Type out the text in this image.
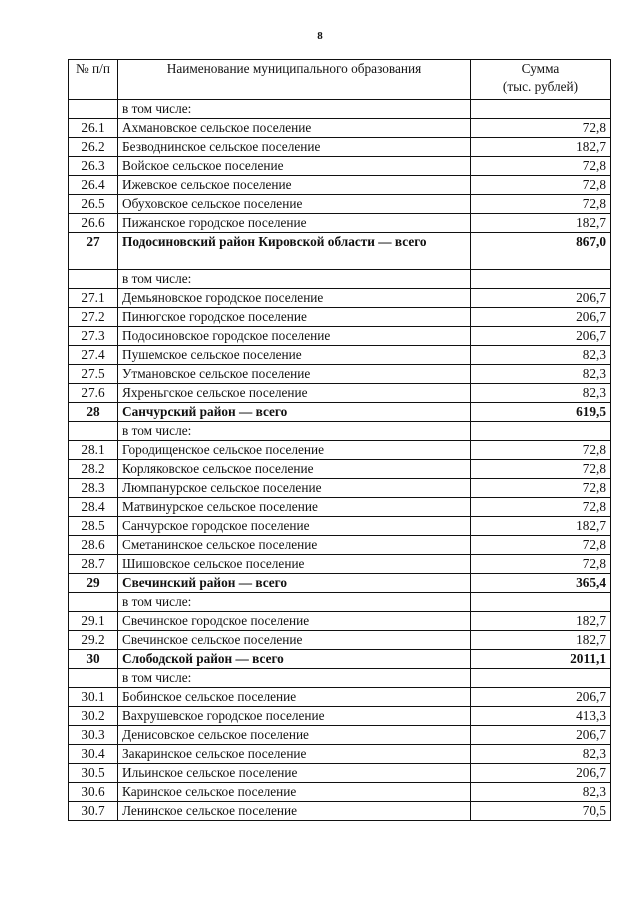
8
№ п/п	Наименование муниципального образования	Сумма
(тыс. рублей)

	в том числе:	
26.1	Ахмановское сельское поселение	72,8
26.2	Безводнинское сельское поселение	182,7
26.3	Войское сельское поселение	72,8
26.4	Ижевское сельское поселение	72,8
26.5	Обуховское сельское поселение	72,8
26.6	Пижанское городское поселение	182,7
27	Подосиновский район Кировской области — всего	867,0
	в том числе:	
27.1	Демьяновское городское поселение	206,7
27.2	Пинюгское городское поселение	206,7
27.3	Подосиновское городское поселение	206,7
27.4	Пушемское сельское поселение	82,3
27.5	Утмановское сельское поселение	82,3
27.6	Яхреньгское сельское поселение	82,3
28	Санчурский район — всего	619,5
	в том числе:	
28.1	Городищенское сельское поселение	72,8
28.2	Корляковское сельское поселение	72,8
28.3	Люмпанурское сельское поселение	72,8
28.4	Матвинурское сельское поселение	72,8
28.5	Санчурское городское поселение	182,7
28.6	Сметанинское сельское поселение	72,8
28.7	Шишовское сельское поселение	72,8
29	Свечинский район — всего	365,4
	в том числе:	
29.1	Свечинское городское поселение	182,7
29.2	Свечинское сельское поселение	182,7
30	Слободской район — всего	2011,1
	в том числе:	
30.1	Бобинское сельское поселение	206,7
30.2	Вахрушевское городское поселение	413,3
30.3	Денисовское сельское поселение	206,7
30.4	Закаринское сельское поселение	82,3
30.5	Ильинское сельское поселение	206,7
30.6	Каринское сельское поселение	82,3
30.7	Ленинское сельское поселение	70,5
